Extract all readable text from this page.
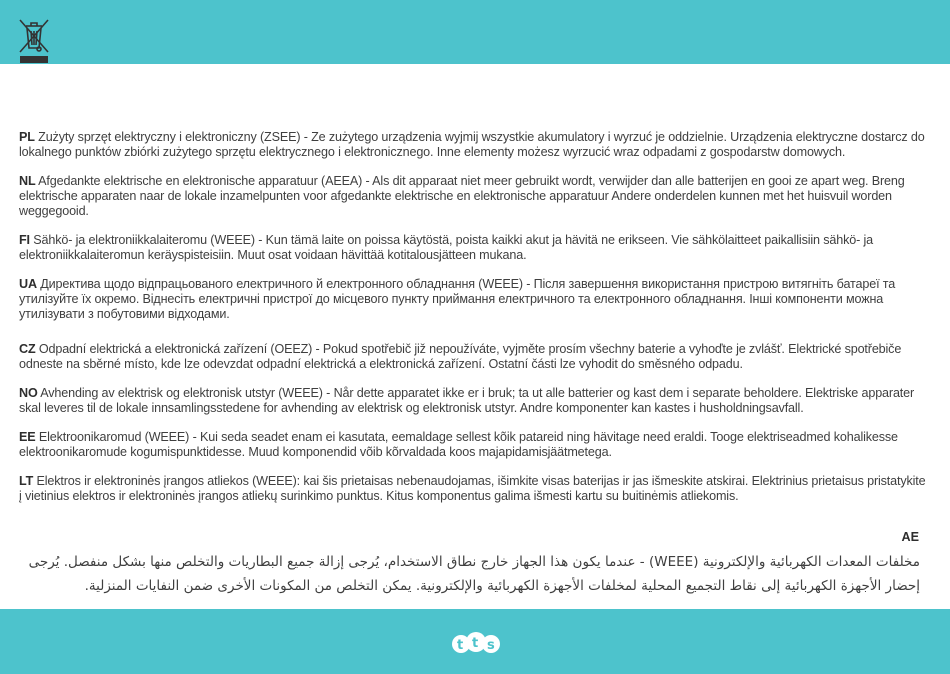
PL Zużyty sprzęt elektryczny i elektroniczny (ZSEE) - Ze zużytego urządzenia wyjmij wszystkie akumulatory i wyrzuć je oddzielnie. Urządzenia elektryczne dostarcz do lokalnego punktów zbiórki zużytego sprzętu elektrycznego i elektronicznego. Inne elementy możesz wyrzucić wraz odpadami z gospodarstw domowych.

NL Afgedankte elektrische en elektronische apparatuur (AEEA) - Als dit apparaat niet meer gebruikt wordt, verwijder dan alle batterijen en gooi ze apart weg. Breng elektrische apparaten naar de lokale inzamelpunten voor afgedankte elektrische en elektronische apparatuur Andere onderdelen kunnen met het huisvuil worden weggegooid.

FI Sähkö- ja elektroniikkalaiteromu (WEEE) - Kun tämä laite on poissa käytöstä, poista kaikki akut ja hävitä ne erikseen. Vie sähkölaitteet paikallisiin sähkö- ja elektroniikkalaiteromun keräyspisteisiin. Muut osat voidaan hävittää kotitalousjätteen mukana.

UA Директива щодо відпрацьованого електричного й електронного обладнання (WEEE) - Після завершення використання пристрою витягніть батареї та утилізуйте їх окремо. Віднесіть електричні пристрої до місцевого пункту приймання електричного та електронного обладнання. Інші компоненти можна утилізувати з побутовими відходами.

CZ Odpadní elektrická a elektronická zařízení (OEEZ) - Pokud spotřebič již nepoužíváte, vyjměte prosím všechny baterie a vyhoďte je zvlášť. Elektrické spotřebiče odneste na sběrné místo, kde lze odevzdat odpadní elektrická a elektronická zařízení. Ostatní části lze vyhodit do směsného odpadu.

NO Avhending av elektrisk og elektronisk utstyr (WEEE) - Når dette apparatet ikke er i bruk; ta ut alle batterier og kast dem i separate beholdere. Elektriske apparater skal leveres til de lokale innsamlingsstedene for avhending av elektrisk og elektronisk utstyr. Andre komponenter kan kastes i husholdningsavfall.

EE Elektroonikaromud (WEEE) - Kui seda seadet enam ei kasutata, eemaldage sellest kõik patareid ning hävitage need eraldi. Tooge elektriseadmed kohalikesse elektroonikaromude kogumispunktidesse. Muud komponendid võib kõrvaldada koos majapidamisjäätmetega.

LT Elektros ir elektroninės įrangos atliekos (WEEE): kai šis prietaisas nebenaudojamas, išimkite visas baterijas ir jas išmeskite atskirai. Elektrinius prietaisus pristatykite į vietinius elektros ir elektroninės įrangos atliekų surinkimo punktus. Kitus komponentus galima išmesti kartu su buitinėmis atliekomis.

AE
مخلفات المعدات الكهربائية والإلكترونية (WEEE) - عندما يكون هذا الجهاز خارج نطاق الاستخدام، يُرجى إزالة جميع البطاريات والتخلص منها بشكل منفصل. يُرجى إحضار الأجهزة الكهربائية إلى نقاط التجميع المحلية لمخلفات الأجهزة الكهربائية والإلكترونية. يمكن التخلص من المكونات الأخرى ضمن النفايات المنزلية.
t t s
